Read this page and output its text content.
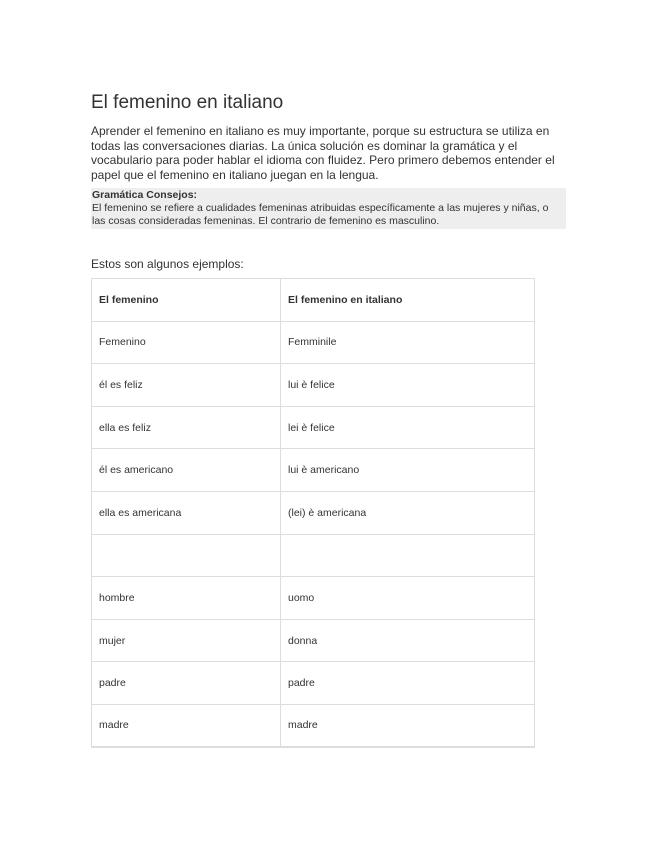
El femenino en italiano
Aprender el femenino en italiano es muy importante, porque su estructura se utiliza en todas las conversaciones diarias. La única solución es dominar la gramática y el vocabulario para poder hablar el idioma con fluidez. Pero primero debemos entender el papel que el femenino en italiano juegan en la lengua.
Gramática Consejos:
El femenino se refiere a cualidades femeninas atribuidas específicamente a las mujeres y niñas, o las cosas consideradas femeninas. El contrario de femenino es masculino.
Estos son algunos ejemplos:
El femenino	El femenino en italiano
Femenino	Femminile
él es feliz	lui è felice
ella es feliz	lei è felice
él es americano	lui è americano
ella es americana	(lei) è americana

hombre	uomo
mujer	donna
padre	padre
madre	madre
